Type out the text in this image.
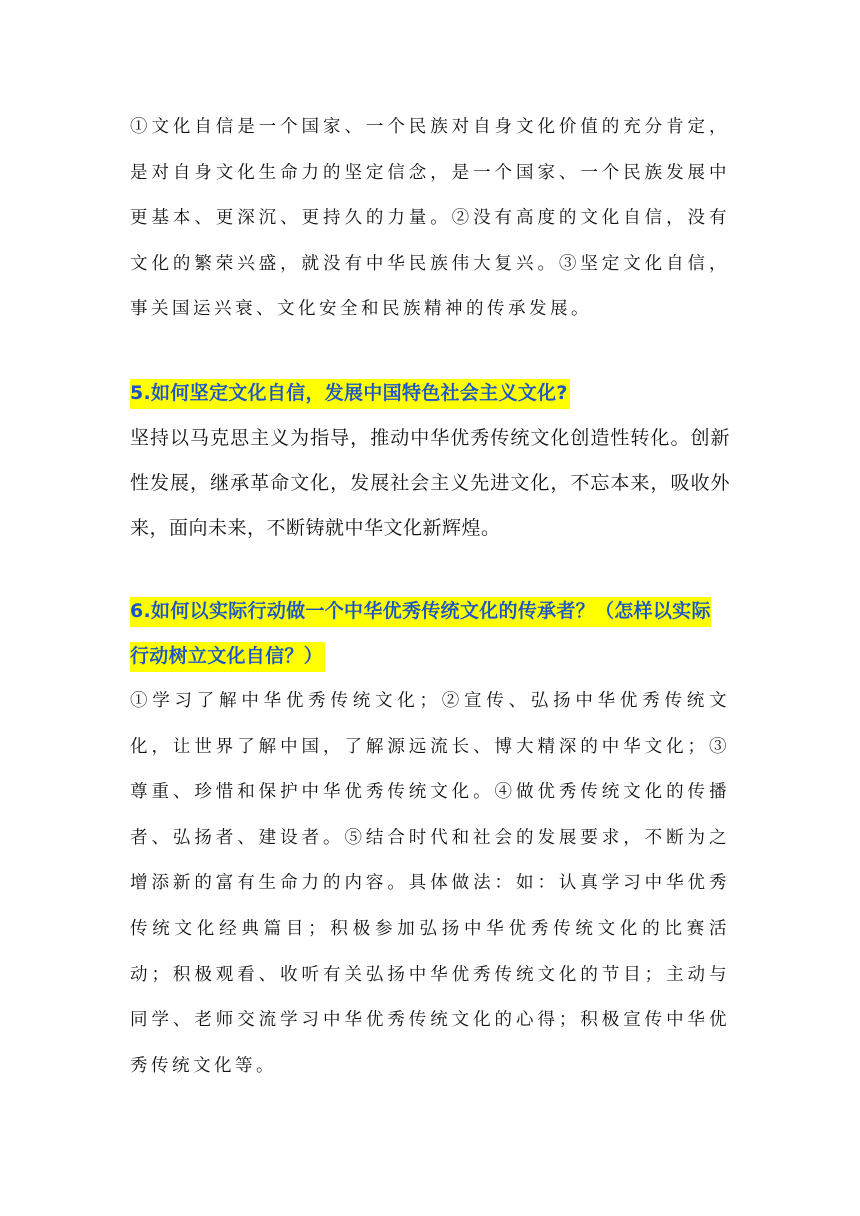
①文化自信是一个国家、一个民族对自身文化价值的充分肯定，是对自身文化生命力的坚定信念，是一个国家、一个民族发展中更基本、更深沉、更持久的力量。②没有高度的文化自信，没有文化的繁荣兴盛，就没有中华民族伟大复兴。③坚定文化自信，事关国运兴衰、文化安全和民族精神的传承发展。

5.如何坚定文化自信，发展中国特色社会主义文化?

坚持以马克思主义为指导，推动中华优秀传统文化创造性转化。创新性发展，继承革命文化，发展社会主义先进文化，不忘本来，吸收外来，面向未来，不断铸就中华文化新辉煌。

6.如何以实际行动做一个中华优秀传统文化的传承者？（怎样以实际行动树立文化自信？）

①学习了解中华优秀传统文化；②宣传、弘扬中华优秀传统文化，让世界了解中国，了解源远流长、博大精深的中华文化；③尊重、珍惜和保护中华优秀传统文化。④做优秀传统文化的传播者、弘扬者、建设者。⑤结合时代和社会的发展要求，不断为之增添新的富有生命力的内容。具体做法：如：认真学习中华优秀传统文化经典篇目；积极参加弘扬中华优秀传统文化的比赛活动；积极观看、收听有关弘扬中华优秀传统文化的节目；主动与同学、老师交流学习中华优秀传统文化的心得；积极宣传中华优秀传统文化等。
